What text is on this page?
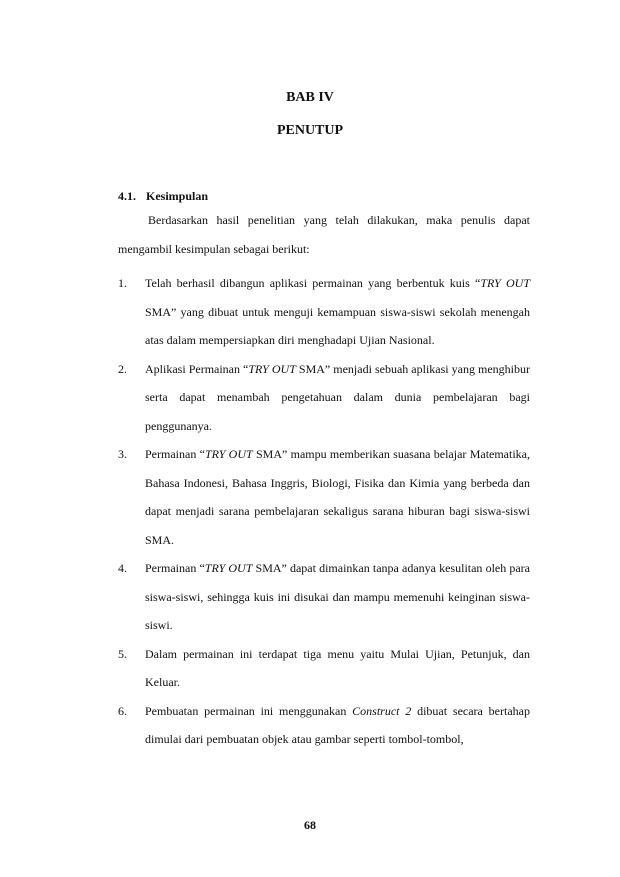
BAB IV
PENUTUP
4.1. Kesimpulan
Berdasarkan hasil penelitian yang telah dilakukan, maka penulis dapat mengambil kesimpulan sebagai berikut:
1. Telah berhasil dibangun aplikasi permainan yang berbentuk kuis “TRY OUT SMA” yang dibuat untuk menguji kemampuan siswa-siswi sekolah menengah atas dalam mempersiapkan diri menghadapi Ujian Nasional.
2. Aplikasi Permainan “TRY OUT SMA” menjadi sebuah aplikasi yang menghibur serta dapat menambah pengetahuan dalam dunia pembelajaran bagi penggunanya.
3. Permainan “TRY OUT SMA” mampu memberikan suasana belajar Matematika, Bahasa Indonesi, Bahasa Inggris, Biologi, Fisika dan Kimia yang berbeda dan dapat menjadi sarana pembelajaran sekaligus sarana hiburan bagi siswa-siswi SMA.
4. Permainan “TRY OUT SMA” dapat dimainkan tanpa adanya kesulitan oleh para siswa-siswi, sehingga kuis ini disukai dan mampu memenuhi keinginan siswa-siswi.
5. Dalam permainan ini terdapat tiga menu yaitu Mulai Ujian, Petunjuk, dan Keluar.
6. Pembuatan permainan ini menggunakan Construct 2 dibuat secara bertahap dimulai dari pembuatan objek atau gambar seperti tombol-tombol,
68
